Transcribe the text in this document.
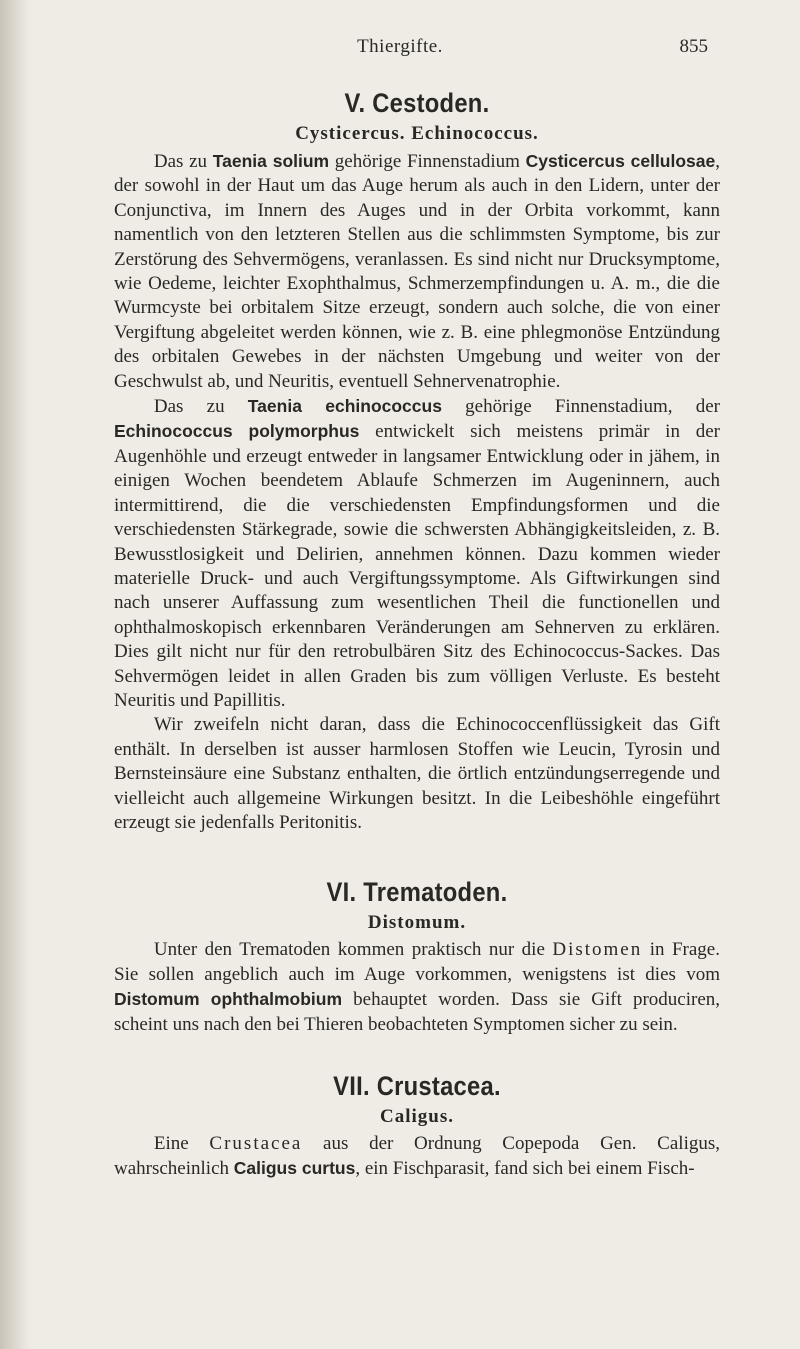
Thiergifte.	855
V. Cestoden.
Cysticercus. Echinococcus.

Das zu Taenia solium gehörige Finnenstadium Cysticercus cellulosae, der sowohl in der Haut um das Auge herum als auch in den Lidern, unter der Conjunctiva, im Innern des Auges und in der Orbita vorkommt, kann namentlich von den letzteren Stellen aus die schlimmsten Symptome, bis zur Zerstörung des Sehvermögens, veranlassen. Es sind nicht nur Drucksymptome, wie Oedeme, leichter Exophthalmus, Schmerzempfindungen u. A. m., die die Wurmcyste bei orbitalem Sitze erzeugt, sondern auch solche, die von einer Vergiftung abgeleitet werden können, wie z. B. eine phlegmonöse Entzündung des orbitalen Gewebes in der nächsten Umgebung und weiter von der Geschwulst ab, und Neuritis, eventuell Sehnervenatrophie.

Das zu Taenia echinococcus gehörige Finnenstadium, der Echinococcus polymorphus entwickelt sich meistens primär in der Augenhöhle und erzeugt entweder in langsamer Entwicklung oder in jähem, in einigen Wochen beendetem Ablaufe Schmerzen im Augeninnern, auch intermittirend, die die verschiedensten Empfindungsformen und die verschiedensten Stärkegrade, sowie die schwersten Abhängigkeitsleiden, z. B. Bewusstlosigkeit und Delirien, annehmen können. Dazu kommen wieder materielle Druck- und auch Vergiftungssymptome. Als Giftwirkungen sind nach unserer Auffassung zum wesentlichen Theil die functionellen und ophthalmoskopisch erkennbaren Veränderungen am Sehnerven zu erklären. Dies gilt nicht nur für den retrobulbären Sitz des Echinococcus-Sackes. Das Sehvermögen leidet in allen Graden bis zum völligen Verluste. Es besteht Neuritis und Papillitis.

Wir zweifeln nicht daran, dass die Echinococcenflüssigkeit das Gift enthält. In derselben ist ausser harmlosen Stoffen wie Leucin, Tyrosin und Bernsteinsäure eine Substanz enthalten, die örtlich entzündungserregende und vielleicht auch allgemeine Wirkungen besitzt. In die Leibeshöhle eingeführt erzeugt sie jedenfalls Peritonitis.

VI. Trematoden.
Distomum.

Unter den Trematoden kommen praktisch nur die Distomen in Frage. Sie sollen angeblich auch im Auge vorkommen, wenigstens ist dies vom Distomum ophthalmobium behauptet worden. Dass sie Gift produciren, scheint uns nach den bei Thieren beobachteten Symptomen sicher zu sein.

VII. Crustacea.
Caligus.

Eine Crustacea aus der Ordnung Copepoda Gen. Caligus, wahrscheinlich Caligus curtus, ein Fischparasit, fand sich bei einem Fisch-
